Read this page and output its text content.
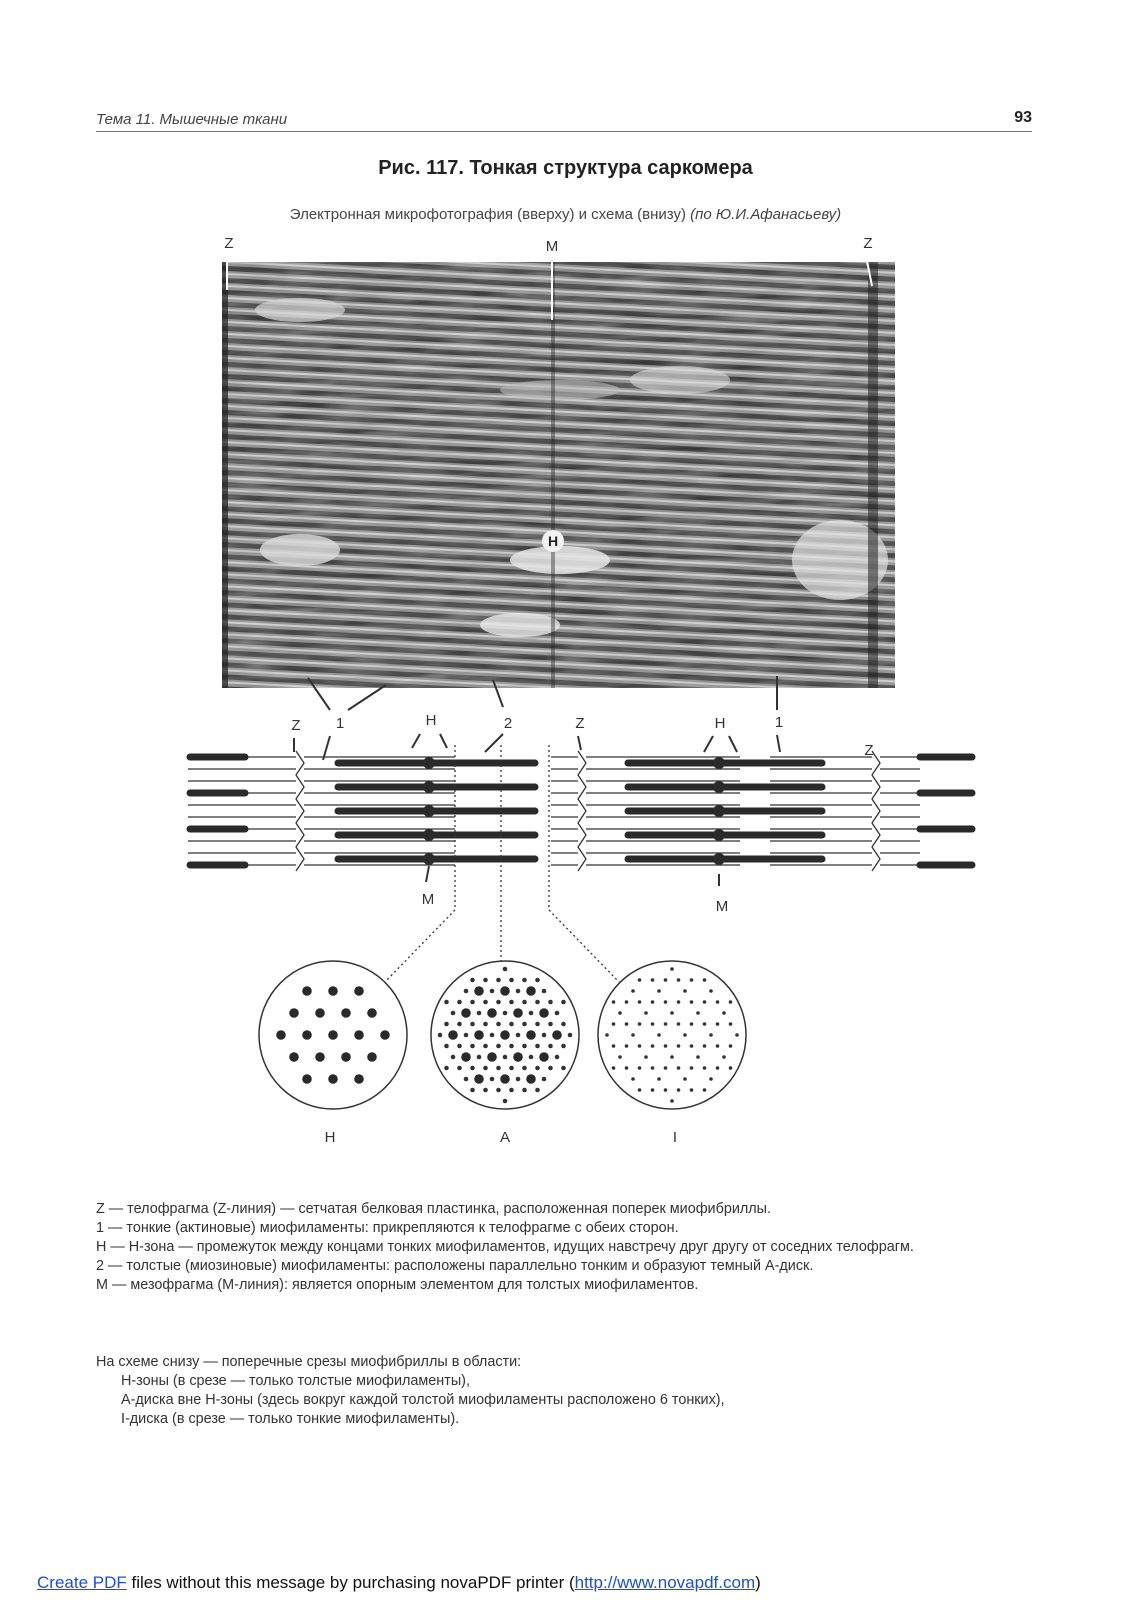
Тема 11. Мышечные ткани	93
Рис. 117. Тонкая структура саркомера
Электронная микрофотография (вверху) и схема (внизу) (по Ю.И.Афанасьеву)
Z	M	Z
H
Z 1	H	2	Z	H	1
Z
M	M
H	A	I

Z — телофрагма (Z-линия) — сетчатая белковая пластинка, расположенная поперек миофибриллы.

1 — тонкие (актиновые) миофиламенты: прикрепляются к телофрагме с обеих сторон.

H — H-зона — промежуток между концами тонких миофиламентов, идущих навстречу друг другу от соседних телофрагм.

2 — толстые (миозиновые) миофиламенты: расположены параллельно тонким и образуют темный A-диск.

M — мезофрагма (M-линия): является опорным элементом для толстых миофиламентов.

На схеме снизу — поперечные срезы миофибриллы в области:

H-зоны (в срезе — только толстые миофиламенты),

A-диска вне H-зоны (здесь вокруг каждой толстой миофиламенты расположено 6 тонких),

I-диска (в срезе — только тонкие миофиламенты).

Create PDF files without this message by purchasing novaPDF printer (http://www.novapdf.com)
